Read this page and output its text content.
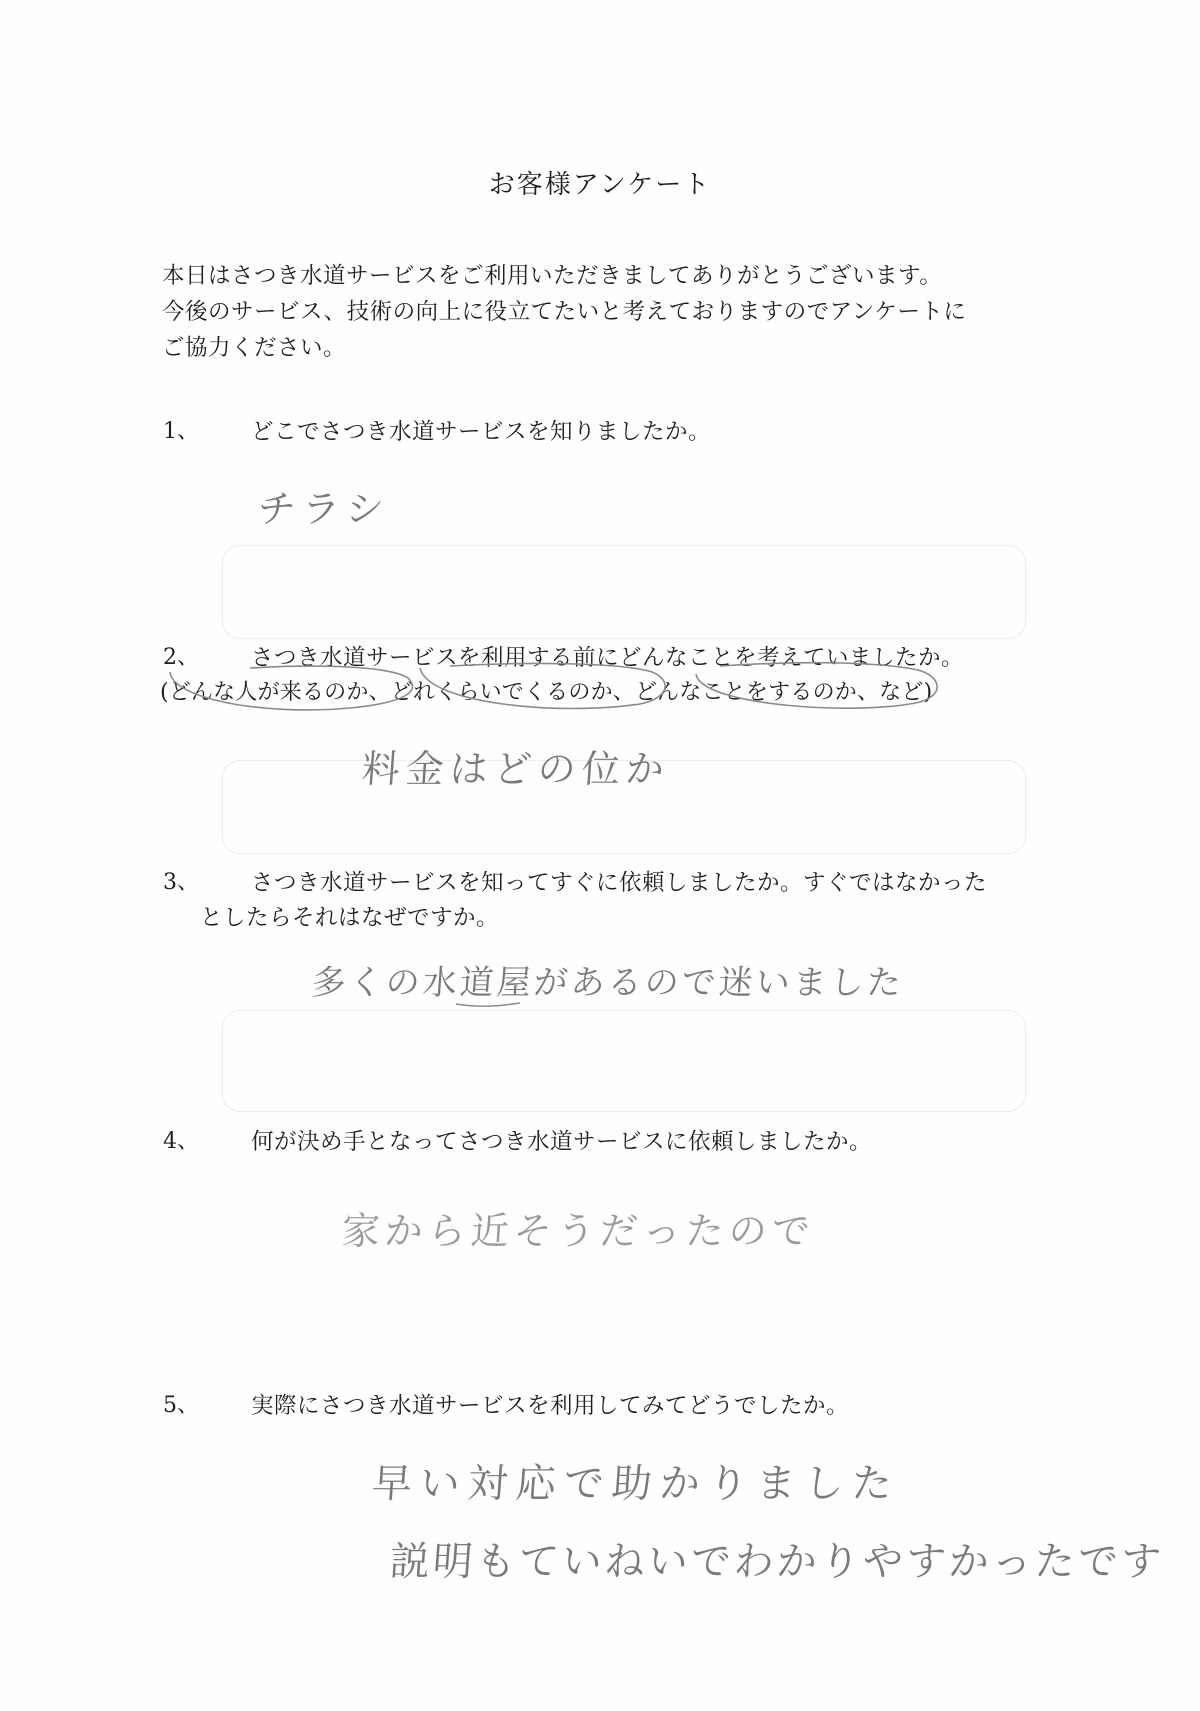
お客様アンケート
本日はさつき水道サービスをご利用いただきましてありがとうございます。
今後のサービス、技術の向上に役立てたいと考えておりますのでアンケートに
ご協力ください。
1、 どこでさつき水道サービスを知りましたか。
チラシ
2、 さつき水道サービスを利用する前にどんなことを考えていましたか。
(どんな人が来るのか、どれくらいでくるのか、どんなことをするのか、など)
料金はどの位か
3、 さつき水道サービスを知ってすぐに依頼しましたか。すぐではなかった
としたらそれはなぜですか。
多くの水道屋があるので迷いました
4、 何が決め手となってさつき水道サービスに依頼しましたか。
家から近そうだったので
5、 実際にさつき水道サービスを利用してみてどうでしたか。
早い対応で助かりました
説明もていねいでわかりやすかったです
